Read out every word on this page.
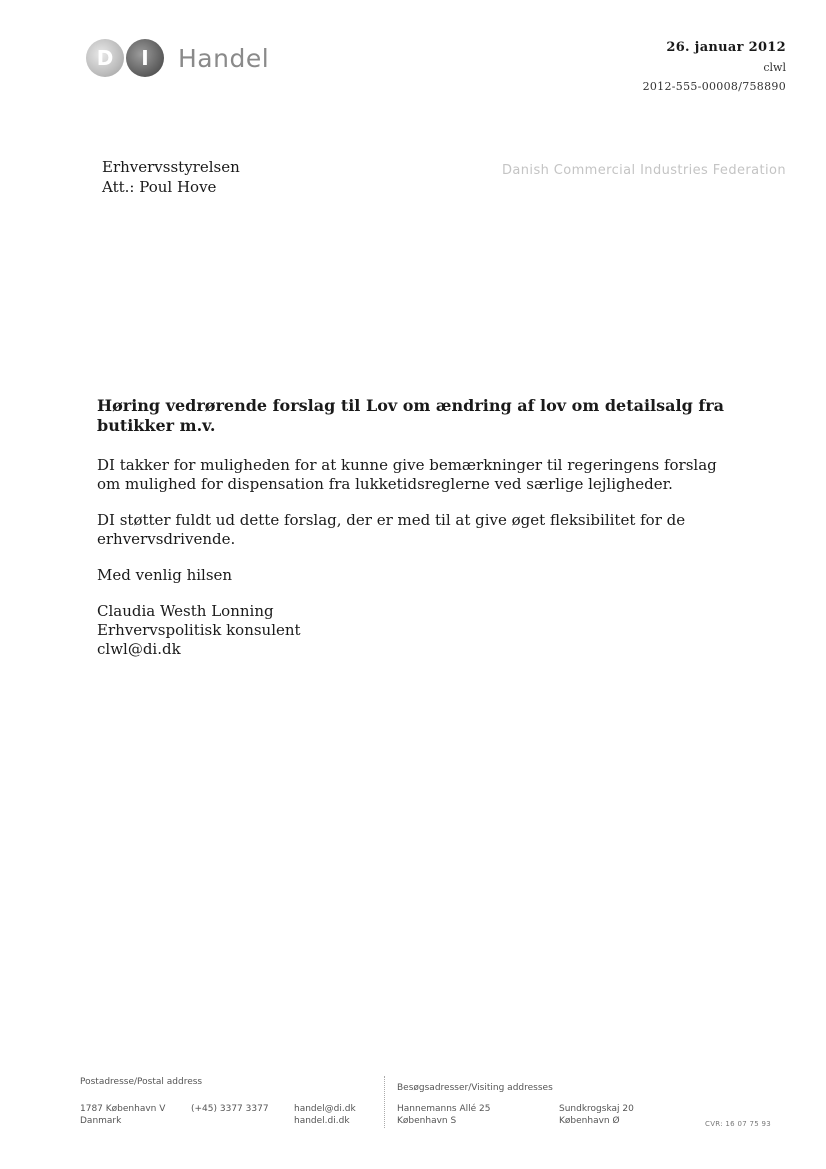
D	I	Handel	26. januar 2012
clwl
2012-555-00008/758890
Danish Commercial Industries Federation
Erhvervsstyrelsen
Att.: Poul Hove
Høring vedrørende forslag til Lov om ændring af lov om detailsalg fra butikker m.v.
DI takker for muligheden for at kunne give bemærkninger til regeringens forslag om mulighed for dispensation fra lukketidsreglerne ved særlige lejligheder.
DI støtter fuldt ud dette forslag, der er med til at give øget fleksibilitet for de erhvervsdrivende.
Med venlig hilsen
Claudia Westh Lonning
Erhvervspolitisk konsulent
clwl@di.dk
Postadresse/Postal address
Besøgsadresser/Visiting addresses
1787 København V
Danmark
(+45) 3377 3377	handel@di.dk
handel.di.dk
Hannemanns Allé 25
København S
Sundkrogskaj 20
København Ø	CVR: 16 07 75 93
